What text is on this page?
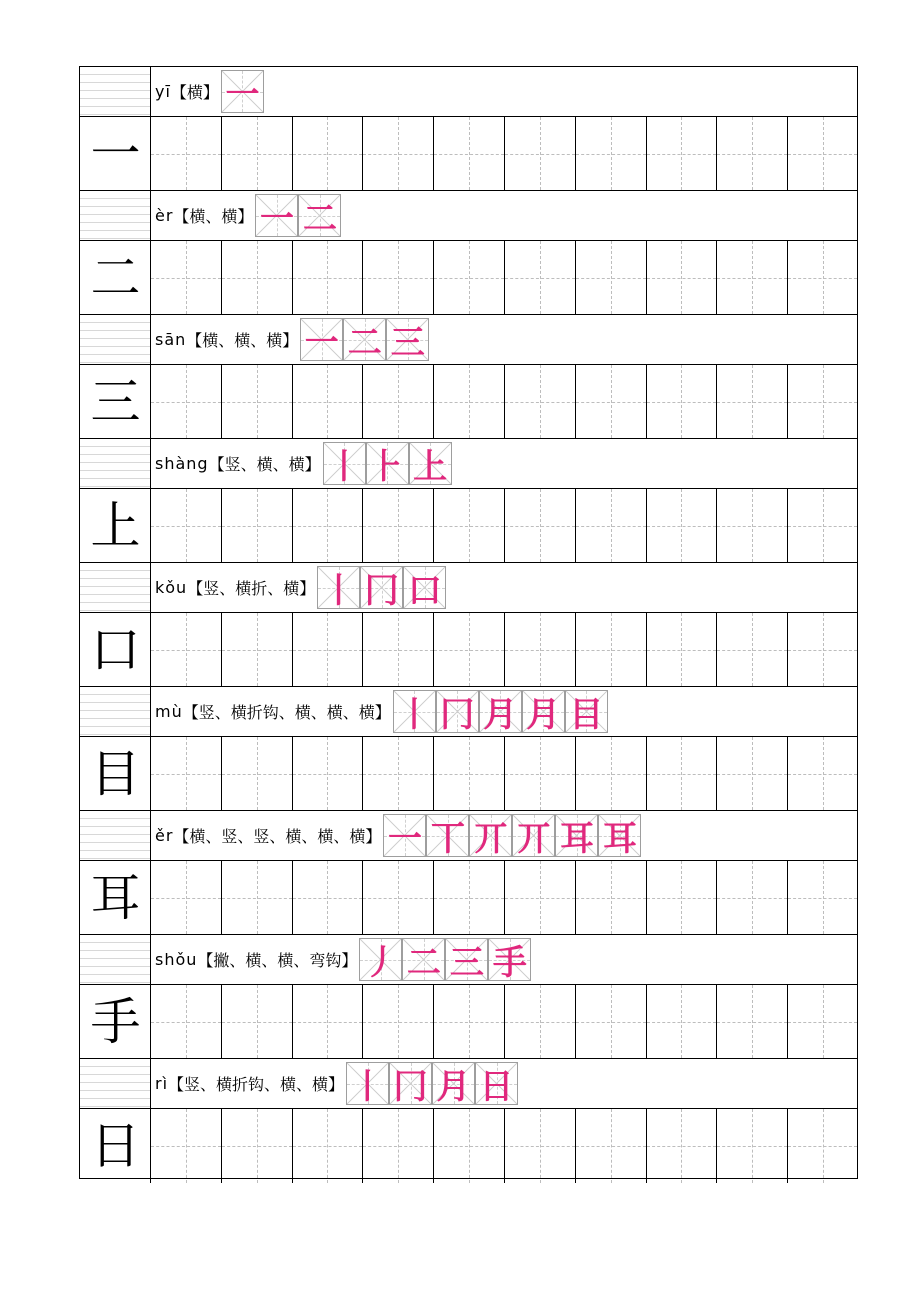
yī 【横】 一
一
èr 【横、横】 一 二
二
sān 【横、横、横】 一 二 三
三
shàng 【竖、横、横】 丨 ⺊ 上
上
kǒu 【竖、横折、横】 丨 冂 口
口
mù 【竖、横折钩、横、横、横】 丨 冂 月 月 目
目
ěr 【横、竖、竖、横、横、横】 一 丅 丌 丌 耳 耳
耳
shǒu 【撇、横、横、弯钩】 丿 二 三 手
手
rì 【竖、横折钩、横、横】 丨 冂 月 日
日
